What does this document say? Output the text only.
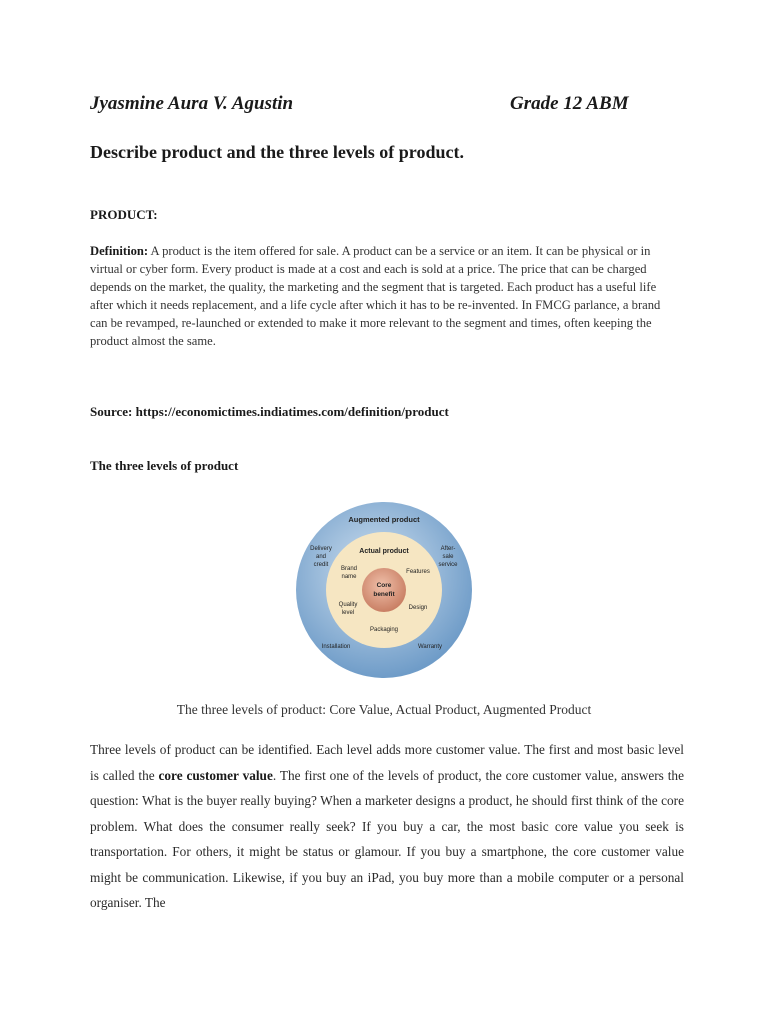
Jyasmine Aura V. Agustin	Grade 12 ABM
Describe product and the three levels of product.
PRODUCT:
Definition: A product is the item offered for sale. A product can be a service or an item. It can be physical or in virtual or cyber form. Every product is made at a cost and each is sold at a price. The price that can be charged depends on the market, the quality, the marketing and the segment that is targeted. Each product has a useful life after which it needs replacement, and a life cycle after which it has to be re-invented. In FMCG parlance, a brand can be revamped, re-launched or extended to make it more relevant to the segment and times, often keeping the product almost the same.
Source: https://economictimes.indiatimes.com/definition/product
The three levels of product
Augmented product
Actual product
Core
benefit
Delivery
and
credit
After-
sale
service
Installation	Warranty
Brand
name
Features
Quality
level
Design
Packaging
The three levels of product: Core Value, Actual Product, Augmented Product
Three levels of product can be identified. Each level adds more customer value. The first and most basic level is called the core customer value. The first one of the levels of product, the core customer value, answers the question: What is the buyer really buying? When a marketer designs a product, he should first think of the core problem. What does the consumer really seek? If you buy a car, the most basic core value you seek is transportation. For others, it might be status or glamour. If you buy a smartphone, the core customer value might be communication. Likewise, if you buy an iPad, you buy more than a mobile computer or a personal organiser. The
